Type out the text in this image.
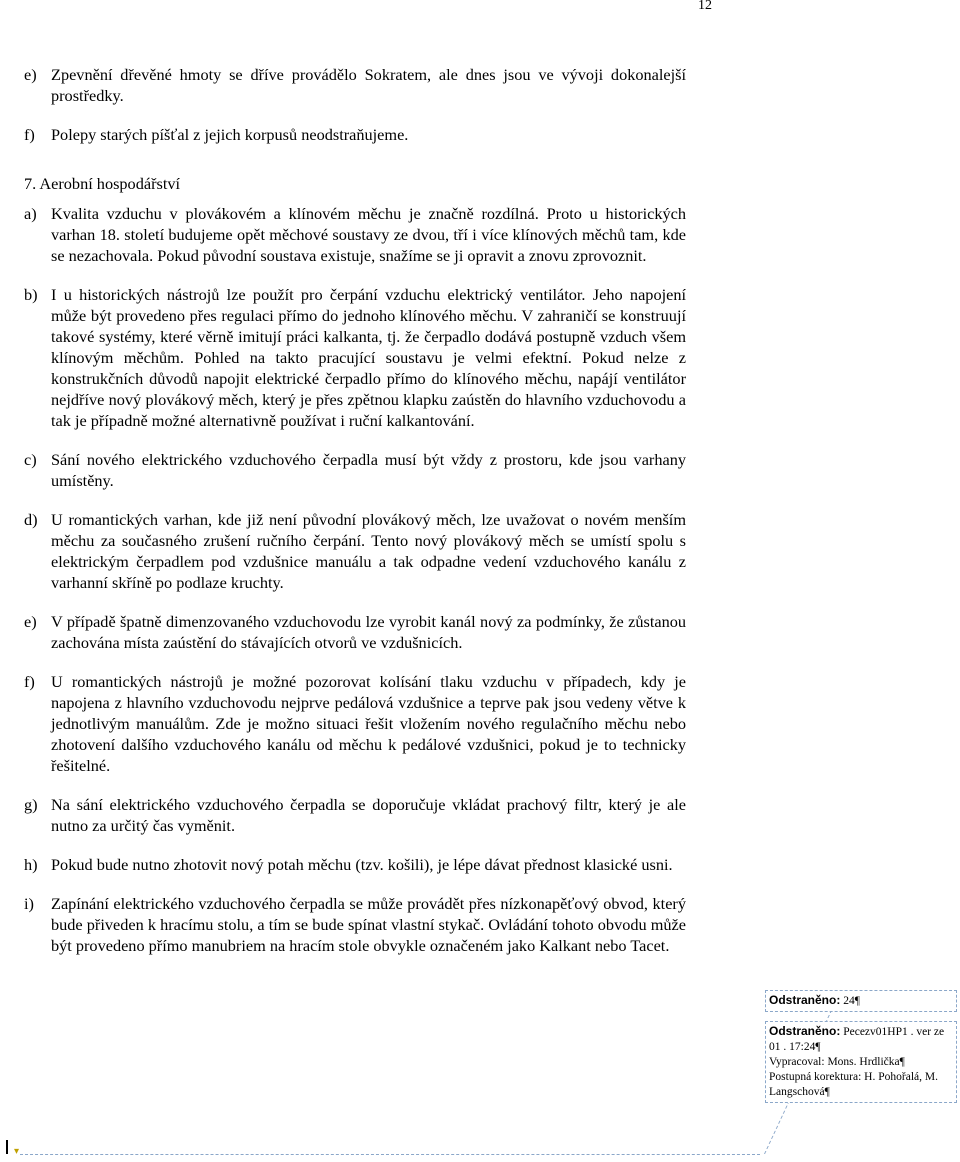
12
e) Zpevnění dřevěné hmoty se dříve provádělo Sokratem, ale dnes jsou ve vývoji dokonalejší prostředky.
f) Polepy starých píšťal z jejich korpusů neodstraňujeme.
7. Aerobní hospodářství
a) Kvalita vzduchu v plovákovém a klínovém měchu je značně rozdílná. Proto u historických varhan 18. století budujeme opět měchové soustavy ze dvou, tří i více klínových měchů tam, kde se nezachovala. Pokud původní soustava existuje, snažíme se ji opravit a znovu zprovoznit.
b) I u historických nástrojů lze použít pro čerpání vzduchu elektrický ventilátor. Jeho napojení může být provedeno přes regulaci přímo do jednoho klínového měchu. V zahraničí se konstruují takové systémy, které věrně imitují práci kalkanta, tj. že čerpadlo dodává postupně vzduch všem klínovým měchům. Pohled na takto pracující soustavu je velmi efektní. Pokud nelze z konstrukčních důvodů napojit elektrické čerpadlo přímo do klínového měchu, napájí ventilátor nejdříve nový plovákový měch, který je přes zpětnou klapku zaústěn do hlavního vzduchovodu a tak je případně možné alternativně používat i ruční kalkantování.
c) Sání nového elektrického vzduchového čerpadla musí být vždy z prostoru, kde jsou varhany umístěny.
d) U romantických varhan, kde již není původní plovákový měch, lze uvažovat o novém menším měchu za současného zrušení ručního čerpání. Tento nový plovákový měch se umístí spolu s elektrickým čerpadlem pod vzdušnice manuálu a tak odpadne vedení vzduchového kanálu z varhanní skříně po podlaze kruchty.
e) V případě špatně dimenzovaného vzduchovodu lze vyrobit kanál nový za podmínky, že zůstanou zachována místa zaústění do stávajících otvorů ve vzdušnicích.
f) U romantických nástrojů je možné pozorovat kolísání tlaku vzduchu v případech, kdy je napojena z hlavního vzduchovodu nejprve pedálová vzdušnice a teprve pak jsou vedeny větve k jednotlivým manuálům. Zde je možno situaci řešit vložením nového regulačního měchu nebo zhotovení dalšího vzduchového kanálu od měchu k pedálové vzdušnici, pokud je to technicky řešitelné.
g) Na sání elektrického vzduchového čerpadla se doporučuje vkládat prachový filtr, který je ale nutno za určitý čas vyměnit.
h) Pokud bude nutno zhotovit nový potah měchu (tzv. košili), je lépe dávat přednost klasické usni.
i)	Zapínání elektrického vzduchového čerpadla se může provádět přes nízkonapěťový obvod, který bude přiveden k hracímu stolu, a tím se bude spínat vlastní stykač. Ovládání tohoto obvodu může být provedeno přímo manubriem na hracím stole obvykle označeném jako Kalkant nebo Tacet.
▾
Odstraněno: 24¶
Odstraněno: Pecezv01HP1 . ver ze 01 . 17:24¶
Vypracoval: Mons. Hrdlička¶
Postupná korektura: H. Pohořalá, M. Langschová¶
